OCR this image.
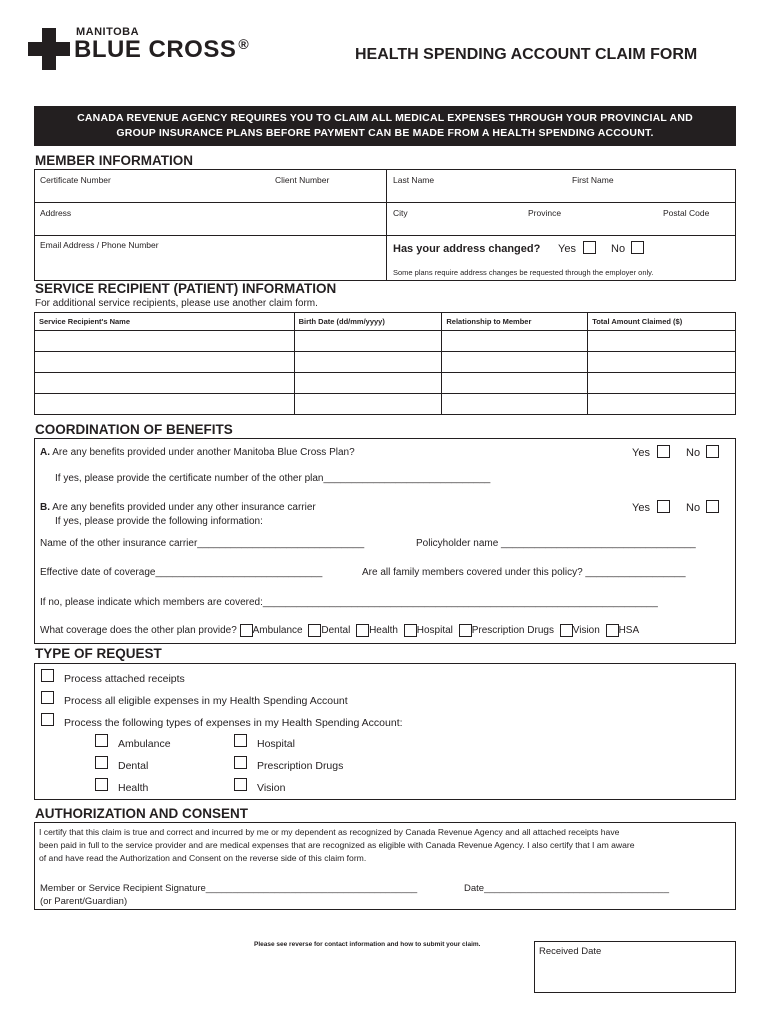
MANITOBA
BLUE CROSS ®
HEALTH SPENDING ACCOUNT CLAIM FORM
CANADA REVENUE AGENCY REQUIRES YOU TO CLAIM ALL MEDICAL EXPENSES THROUGH YOUR PROVINCIAL AND
GROUP INSURANCE PLANS BEFORE PAYMENT CAN BE MADE FROM A HEALTH SPENDING ACCOUNT.
MEMBER INFORMATION
Certificate Number	Client Number	Last Name	First Name
Address	City	Province	Postal Code
Email Address / Phone Number	Has your address changed? Yes	No
Some plans require address changes be requested through the employer only.
SERVICE RECIPIENT (PATIENT) INFORMATION
For additional service recipients, please use another claim form.
Service Recipient's Name	Birth Date (dd/mm/yyyy)	Relationship to Member	Total Amount Claimed ($)

COORDINATION OF BENEFITS
A. Are any benefits provided under another Manitoba Blue Cross Plan?	Yes	No
If yes, please provide the certificate number of the other plan______________________________
B. Are any benefits provided under any other insurance carrier	Yes	No
If yes, please provide the following information:
Name of the other insurance carrier______________________________	Policyholder name ___________________________________
Effective date of coverage______________________________	Are all family members covered under this policy? __________________
If no, please indicate which members are covered:_______________________________________________________________________
What coverage does the other plan provide? Ambulance Dental Health Hospital Prescription Drugs Vision HSA
TYPE OF REQUEST
Process attached receipts
Process all eligible expenses in my Health Spending Account
Process the following types of expenses in my Health Spending Account:
Ambulance
Dental
Health
Hospital
Prescription Drugs
Vision
AUTHORIZATION AND CONSENT
I certify that this claim is true and correct and incurred by me or my dependent as recognized by Canada Revenue Agency and all attached receipts have
been paid in full to the service provider and are medical expenses that are recognized as eligible with Canada Revenue Agency. I also certify that I am aware
of and have read the Authorization and Consent on the reverse side of this claim form.
Member or Service Recipient Signature________________________________________	Date___________________________________
(or Parent/Guardian)
Please see reverse for contact information and how to submit your claim.
Received Date
